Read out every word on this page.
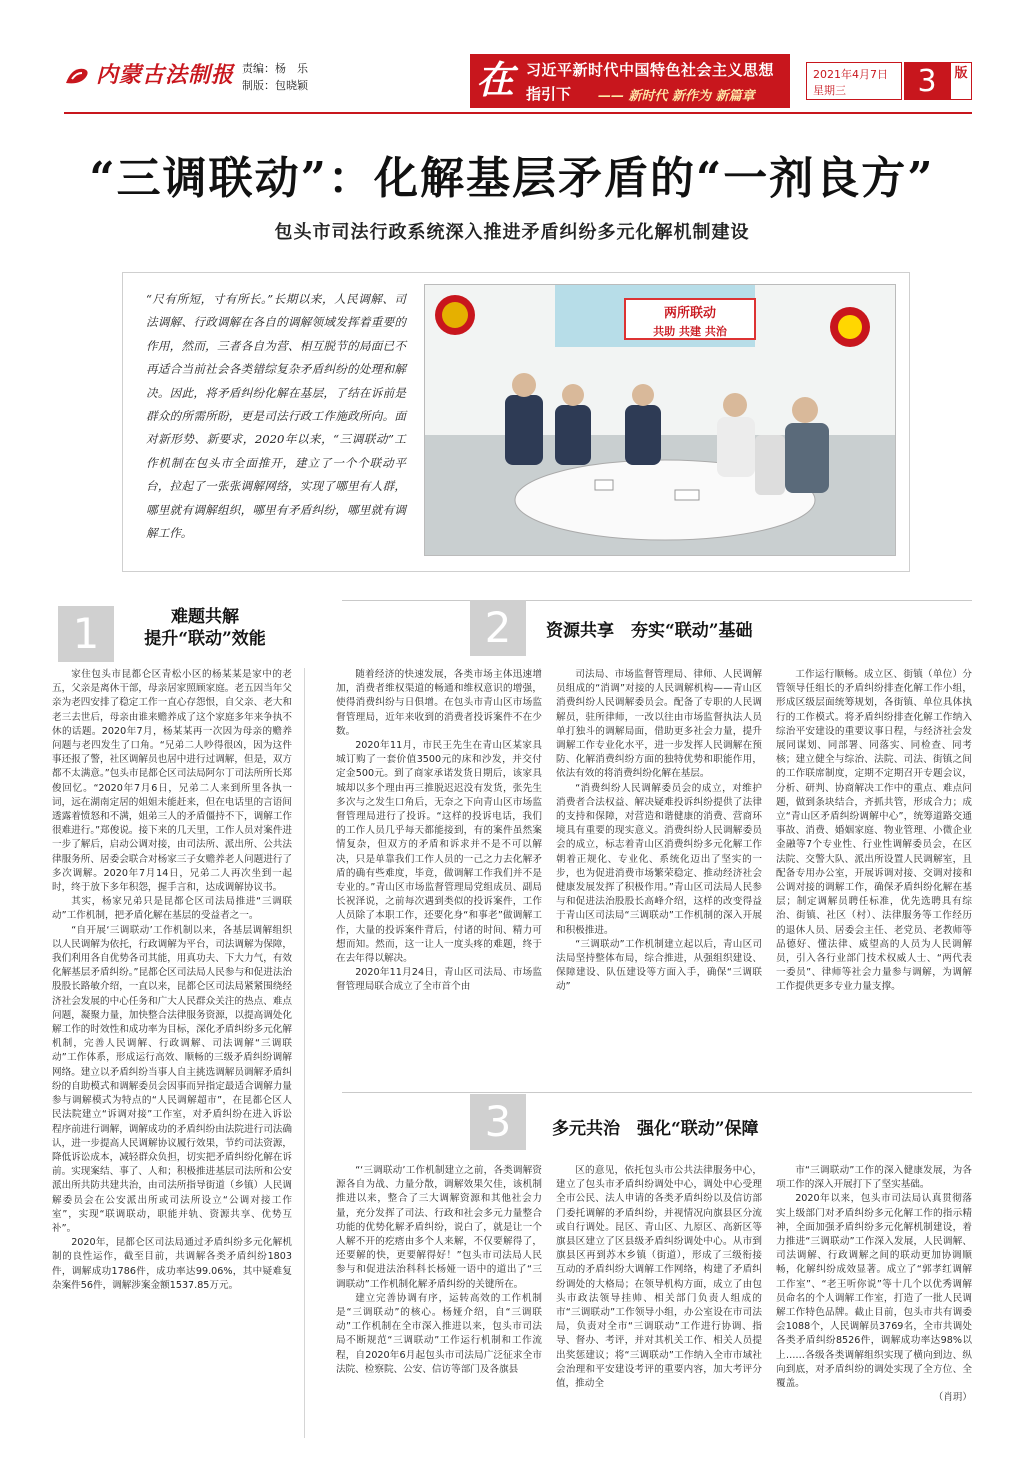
内蒙古法制报 责编：杨　乐
制版：包晓颖	在 习近平新时代中国特色社会主义思想
指引下 —— 新时代 新作为 新篇章
2021年4月7日
星期三	3	版
“三调联动”：化解基层矛盾的“一剂良方”
包头市司法行政系统深入推进矛盾纠纷多元化解机制建设
“尺有所短，寸有所长。”长期以来，人民调解、司法调解、行政调解在各自的调解领域发挥着重要的作用，然而，三者各自为营、相互脱节的局面已不再适合当前社会各类错综复杂矛盾纠纷的处理和解决。因此，将矛盾纠纷化解在基层，了结在诉前是群众的所需所盼，更是司法行政工作施政所向。面对新形势、新要求，2020年以来，“三调联动”工作机制在包头市全面推开，建立了一个个联动平台，拉起了一张张调解网络，实现了哪里有人群，哪里就有调解组织，哪里有矛盾纠纷，哪里就有调解工作。
两所联动
共助 共建 共治
1	难题共解
提升“联动”效能	2	资源共享　夯实“联动”基础

家住包头市昆都仑区青松小区的杨某某是家中的老五，父亲是离休干部，母亲居家照顾家庭。老五因当年父亲为老四安排了稳定工作一直心存怨恨，自父亲、老大和老三去世后，母亲由谁来赡养成了这个家庭多年来争执不休的话题。2020年7月，杨某某再一次因为母亲的赡养问题与老四发生了口角。“兄弟二人吵得很凶，因为这件事还报了警，社区调解员也居中进行过调解，但是，双方都不太满意。”包头市昆都仑区司法局阿尔丁司法所所长郑俊回忆。“2020年7月6日，兄弟二人来到所里各执一词，远在湖南定居的姐姐未能赶来，但在电话里的言语间透露着愤怒和不满，姐弟三人的矛盾僵持不下，调解工作很难进行。”郑俊说。接下来的几天里，工作人员对案件进一步了解后，启动公调对接，由司法所、派出所、公共法律服务所、居委会联合对杨家三子女赡养老人问题进行了多次调解。2020年7月14日，兄弟二人再次坐到一起时，终于放下多年积怨，握手言和，达成调解协议书。

其实，杨家兄弟只是昆都仑区司法局推进“三调联动”工作机制，把矛盾化解在基层的受益者之一。

“自开展‘三调联动’工作机制以来，各基层调解组织以人民调解为依托，行政调解为平台，司法调解为保障，我们利用各自优势各司其能，用真功夫、下大力气，有效化解基层矛盾纠纷。”昆都仑区司法局人民参与和促进法治股股长路敏介绍，一直以来，昆都仑区司法局紧紧围绕经济社会发展的中心任务和广大人民群众关注的热点、难点问题，凝聚力量，加快整合法律服务资源，以提高调处化解工作的时效性和成功率为目标，深化矛盾纠纷多元化解机制，完善人民调解、行政调解、司法调解“三调联动”工作体系，形成运行高效、顺畅的三级矛盾纠纷调解网络。建立以矛盾纠纷当事人自主挑选调解员调解矛盾纠纷的自助模式和调解委员会因事而异指定最适合调解力量参与调解模式为特点的“人民调解超市”，在昆都仑区人民法院建立“诉调对接”工作室，对矛盾纠纷在进入诉讼程序前进行调解，调解成功的矛盾纠纷由法院进行司法确认，进一步提高人民调解协议履行效果，节约司法资源，降低诉讼成本，减轻群众负担，切实把矛盾纠纷化解在诉前。实现案结、事了、人和；积极推进基层司法所和公安派出所共防共建共治，由司法所指导街道（乡镇）人民调解委员会在公安派出所或司法所设立“公调对接工作室”，实现“联调联动，职能并轨、资源共享、优势互补”。

2020年，昆都仑区司法局通过矛盾纠纷多元化解机制的良性运作，截至目前，共调解各类矛盾纠纷1803件，调解成功1786件，成功率达99.06%，其中疑难复杂案件56件，调解涉案金额1537.85万元。

随着经济的快速发展，各类市场主体迅速增加，消费者维权渠道的畅通和维权意识的增强，使得消费纠纷与日俱增。在包头市青山区市场监督管理局，近年来收到的消费者投诉案件不在少数。

2020年11月，市民王先生在青山区某家具城订购了一套价值3500元的床和沙发，并交付定金500元。到了商家承诺发货日期后，该家具城却以多个理由再三推脱迟迟没有发货，张先生多次与之发生口角后，无奈之下向青山区市场监督管理局进行了投诉。“这样的投诉电话，我们的工作人员几乎每天都能接到，有的案件虽然案情复杂，但双方的矛盾和诉求并不是不可以解决，只是单靠我们工作人员的一己之力去化解矛盾的确有些难度，毕竟，做调解工作我们并不是专业的。”青山区市场监督管理局党组成员、副局长祝泽说，之前每次遇到类似的投诉案件，工作人员除了本职工作，还要化身“和事老”做调解工作，大量的投诉案件背后，付诸的时间、精力可想而知。然而，这一让人一度头疼的难题，终于在去年得以解决。

2020年11月24日，青山区司法局、市场监督管理局联合成立了全市首个由

司法局、市场监督管理局、律师、人民调解员组成的“消调”对接的人民调解机构——青山区消费纠纷人民调解委员会。配备了专职的人民调解员，驻所律师，一改以往由市场监督执法人员单打独斗的调解局面，借助更多社会力量，提升调解工作专业化水平，进一步发挥人民调解在预防、化解消费纠纷方面的独特优势和职能作用，依法有效的将消费纠纷化解在基层。

“消费纠纷人民调解委员会的成立，对维护消费者合法权益、解决疑难投诉纠纷提供了法律的支持和保障，对营造和谐健康的消费、营商环境具有重要的现实意义。消费纠纷人民调解委员会的成立，标志着青山区消费纠纷多元化解工作朝着正规化、专业化、系统化迈出了坚实的一步，也为促进消费市场繁荣稳定、推动经济社会健康发展发挥了积极作用。”青山区司法局人民参与和促进法治股股长高峰介绍，这样的改变得益于青山区司法局“三调联动”工作机制的深入开展和积极推进。

“三调联动”工作机制建立起以后，青山区司法局坚持整体布局，综合推进，从强组织建设、保障建设、队伍建设等方面入手，确保“三调联动”

工作运行顺畅。成立区、街镇（单位）分管领导任组长的矛盾纠纷排查化解工作小组，形成区级层面统筹规划，各街镇、单位具体执行的工作模式。将矛盾纠纷排查化解工作纳入综治平安建设的重要议事日程，与经济社会发展同谋划、同部署、同落实、同检查、同考核；建立健全与综治、法院、司法、街镇之间的工作联席制度，定期不定期召开专题会议，分析、研判、协商解决工作中的重点、难点问题，做到条块结合，齐抓共管，形成合力；成立“青山区矛盾纠纷调解中心”，统筹道路交通事故、消费、婚姻家庭、物业管理、小微企业金融等7个专业性、行业性调解委员会，在区法院、交警大队、派出所设置人民调解室，且配备专用办公室，开展诉调对接、交调对接和公调对接的调解工作，确保矛盾纠纷化解在基层；制定调解员聘任标准，优先选聘具有综治、街镇、社区（村）、法律服务等工作经历的退休人员、居委会主任、老党员、老教师等品德好、懂法律、威望高的人员为人民调解员，引入各行业部门技术权威人士、“两代表一委员”、律师等社会力量参与调解，为调解工作提供更多专业力量支撑。

3	多元共治　强化“联动”保障

“‘三调联动’工作机制建立之前，各类调解资源各自为战、力量分散，调解效果欠佳，该机制推进以来，整合了三大调解资源和其他社会力量，充分发挥了司法、行政和社会多元力量整合功能的优势化解矛盾纠纷，说白了，就是让一个人解不开的疙瘩由多个人来解，不仅要解得了，还要解的快，更要解得好！”包头市司法局人民参与和促进法治科科长杨娅一语中的道出了“三调联动”工作机制化解矛盾纠纷的关键所在。

建立完善协调有序，运转高效的工作机制是“三调联动”的核心。杨娅介绍，自“三调联动”工作机制在全市深入推进以来，包头市司法局不断规范“三调联动”工作运行机制和工作流程，自2020年6月起包头市司法局广泛征求全市法院、检察院、公安、信访等部门及各旗县

区的意见，依托包头市公共法律服务中心，建立了包头市矛盾纠纷调处中心，调处中心受理全市公民、法人申请的各类矛盾纠纷以及信访部门委托调解的矛盾纠纷，并视情况向旗县区分流或自行调处。昆区、青山区、九原区、高新区等旗县区建立了区县级矛盾纠纷调处中心。从市到旗县区再到苏木乡镇（街道），形成了三级衔接互动的矛盾纠纷大调解工作网络，构建了矛盾纠纷调处的大格局；在领导机构方面，成立了由包头市政法领导挂帅、相关部门负责人组成的市“三调联动”工作领导小组，办公室设在市司法局，负责对全市“三调联动”工作进行协调、指导、督办、考评，并对其机关工作、相关人员提出奖惩建议；将“三调联动”工作纳入全市市域社会治理和平安建设考评的重要内容，加大考评分值，推动全

市“三调联动”工作的深入健康发展，为各项工作的深入开展打下了坚实基础。

2020年以来，包头市司法局认真贯彻落实上级部门对矛盾纠纷多元化解工作的指示精神，全面加强矛盾纠纷多元化解机制建设，着力推进“三调联动”工作深入发展，人民调解、司法调解、行政调解之间的联动更加协调顺畅，化解纠纷成效显著。成立了“郭孝红调解工作室”、“老王听你说”等十几个以优秀调解员命名的个人调解工作室，打造了一批人民调解工作特色品牌。截止目前，包头市共有调委会1088个，人民调解员3769名，全市共调处各类矛盾纠纷8526件，调解成功率达98%以上……各级各类调解组织实现了横向到边、纵向到底，对矛盾纠纷的调处实现了全方位、全覆盖。

（肖玥）
